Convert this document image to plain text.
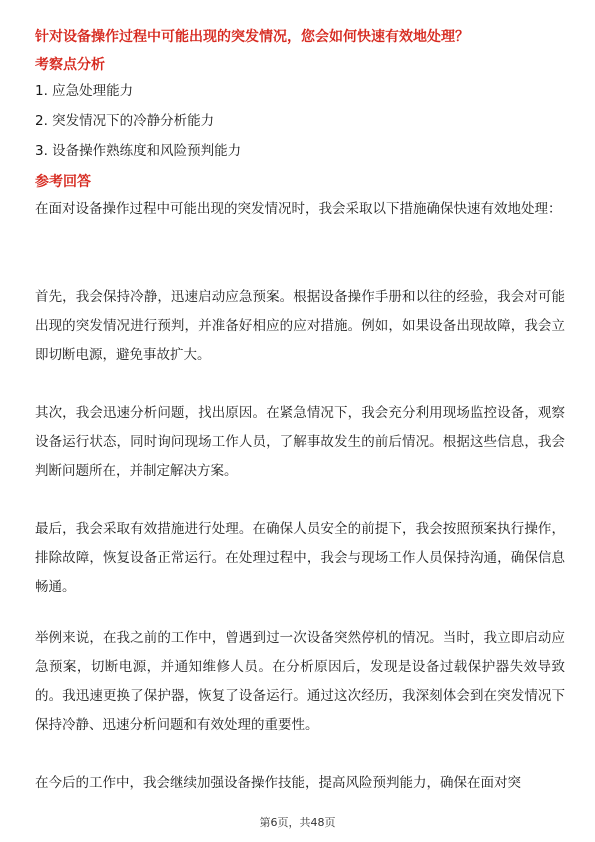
针对设备操作过程中可能出现的突发情况，您会如何快速有效地处理？
考察点分析
1. 应急处理能力
2. 突发情况下的冷静分析能力
3. 设备操作熟练度和风险预判能力
参考回答
在面对设备操作过程中可能出现的突发情况时，我会采取以下措施确保快速有效地处理：
首先，我会保持冷静，迅速启动应急预案。根据设备操作手册和以往的经验，我会对可能出现的突发情况进行预判，并准备好相应的应对措施。例如，如果设备出现故障，我会立即切断电源，避免事故扩大。
其次，我会迅速分析问题，找出原因。在紧急情况下，我会充分利用现场监控设备，观察设备运行状态，同时询问现场工作人员，了解事故发生的前后情况。根据这些信息，我会判断问题所在，并制定解决方案。
最后，我会采取有效措施进行处理。在确保人员安全的前提下，我会按照预案执行操作，排除故障，恢复设备正常运行。在处理过程中，我会与现场工作人员保持沟通，确保信息畅通。
举例来说，在我之前的工作中，曾遇到过一次设备突然停机的情况。当时，我立即启动应急预案，切断电源，并通知维修人员。在分析原因后，发现是设备过载保护器失效导致的。我迅速更换了保护器，恢复了设备运行。通过这次经历，我深刻体会到在突发情况下保持冷静、迅速分析问题和有效处理的重要性。
在今后的工作中，我会继续加强设备操作技能，提高风险预判能力，确保在面对突
第6页，共48页
